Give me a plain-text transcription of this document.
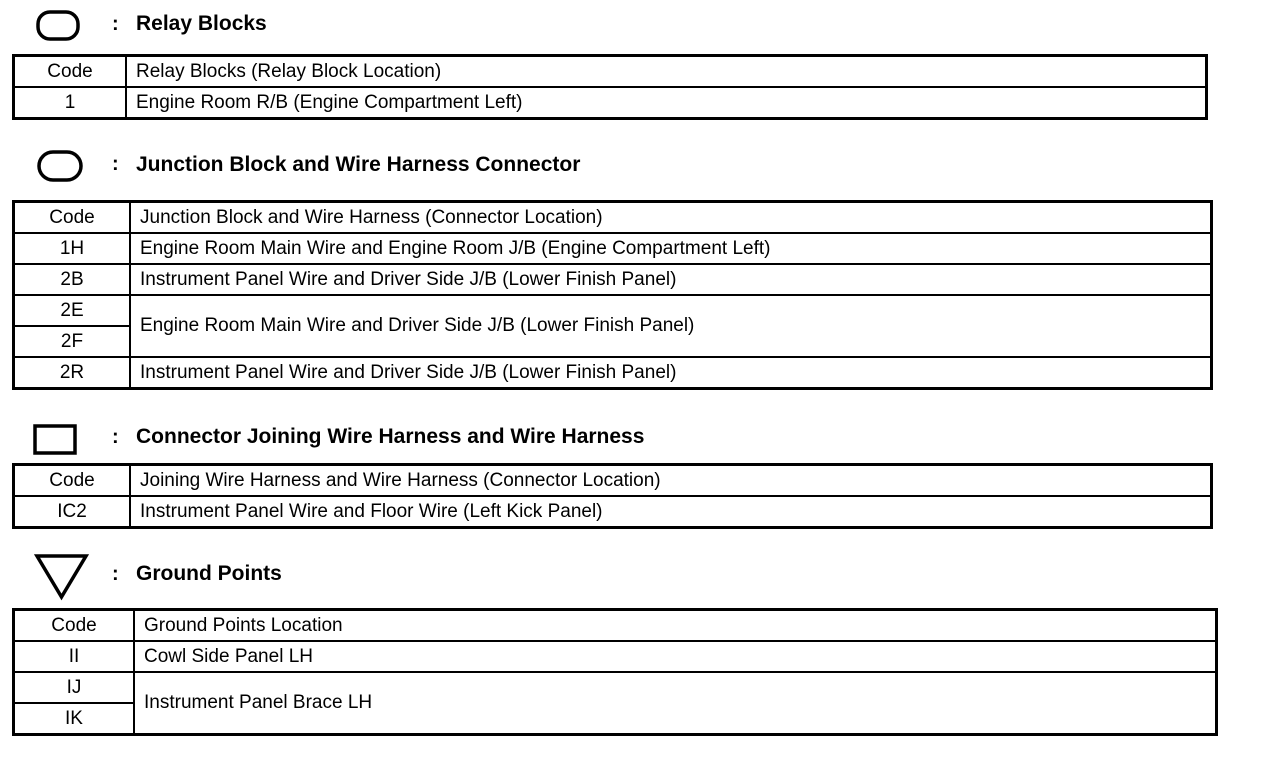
: Relay Blocks
Code	Relay Blocks (Relay Block Location)
1	Engine Room R/B (Engine Compartment Left)
: Junction Block and Wire Harness Connector
Code	Junction Block and Wire Harness (Connector Location)
1H	Engine Room Main Wire and Engine Room J/B (Engine Compartment Left)
2B	Instrument Panel Wire and Driver Side J/B (Lower Finish Panel)
2E	Engine Room Main Wire and Driver Side J/B (Lower Finish Panel)
2F	
2R	Instrument Panel Wire and Driver Side J/B (Lower Finish Panel)
: Connector Joining Wire Harness and Wire Harness
Code	Joining Wire Harness and Wire Harness (Connector Location)
IC2	Instrument Panel Wire and Floor Wire (Left Kick Panel)
: Ground Points
Code	Ground Points Location
II	Cowl Side Panel LH
IJ	Instrument Panel Brace LH
IK	
